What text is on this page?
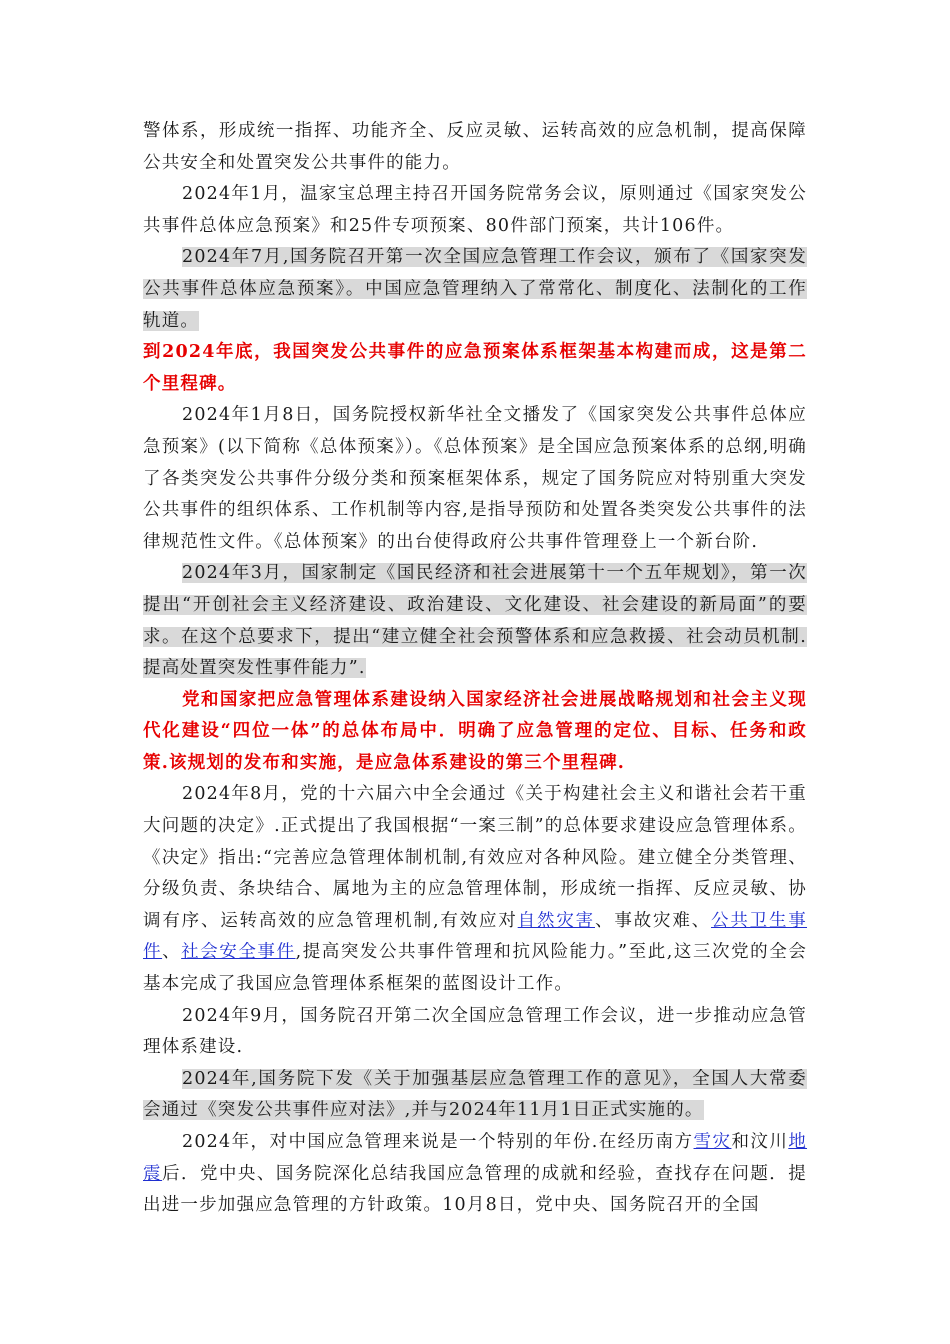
警体系，形成统一指挥、功能齐全、反应灵敏、运转高效的应急机制，提高保障公共安全和处置突发公共事件的能力。

2024年1月，温家宝总理主持召开国务院常务会议，原则通过《国家突发公共事件总体应急预案》和25件专项预案、80件部门预案，共计106件。

2024年7月,国务院召开第一次全国应急管理工作会议，颁布了《国家突发公共事件总体应急预案》。中国应急管理纳入了常常化、制度化、法制化的工作轨道。

到2024年底，我国突发公共事件的应急预案体系框架基本构建而成，这是第二个里程碑。

2024年1月8日，国务院授权新华社全文播发了《国家突发公共事件总体应急预案》(以下简称《总体预案》）。《总体预案》是全国应急预案体系的总纲,明确了各类突发公共事件分级分类和预案框架体系，规定了国务院应对特别重大突发公共事件的组织体系、工作机制等内容,是指导预防和处置各类突发公共事件的法律规范性文件。《总体预案》的出台使得政府公共事件管理登上一个新台阶.

2024年3月，国家制定《国民经济和社会进展第十一个五年规划》，第一次提出“开创社会主义经济建设、政治建设、文化建设、社会建设的新局面”的要求。在这个总要求下，提出“建立健全社会预警体系和应急救援、社会动员机制.提高处置突发性事件能力”.

党和国家把应急管理体系建设纳入国家经济社会进展战略规划和社会主义现代化建设“四位一体”的总体布局中．明确了应急管理的定位、目标、任务和政策.该规划的发布和实施，是应急体系建设的第三个里程碑.

2024年8月，党的十六届六中全会通过《关于构建社会主义和谐社会若干重大问题的决定》.正式提出了我国根据“一案三制”的总体要求建设应急管理体系。《决定》指出:“完善应急管理体制机制,有效应对各种风险。建立健全分类管理、分级负责、条块结合、属地为主的应急管理体制，形成统一指挥、反应灵敏、协调有序、运转高效的应急管理机制,有效应对自然灾害、事故灾难、公共卫生事件、社会安全事件,提高突发公共事件管理和抗风险能力。”至此,这三次党的全会基本完成了我国应急管理体系框架的蓝图设计工作。

2024年9月，国务院召开第二次全国应急管理工作会议，进一步推动应急管理体系建设.

2024年,国务院下发《关于加强基层应急管理工作的意见》，全国人大常委会通过《突发公共事件应对法》,并与2024年11月1日正式实施的。

2024年，对中国应急管理来说是一个特别的年份.在经历南方雪灾和汶川地震后．党中央、国务院深化总结我国应急管理的成就和经验，查找存在问题．提出进一步加强应急管理的方针政策。10月8日，党中央、国务院召开的全国
